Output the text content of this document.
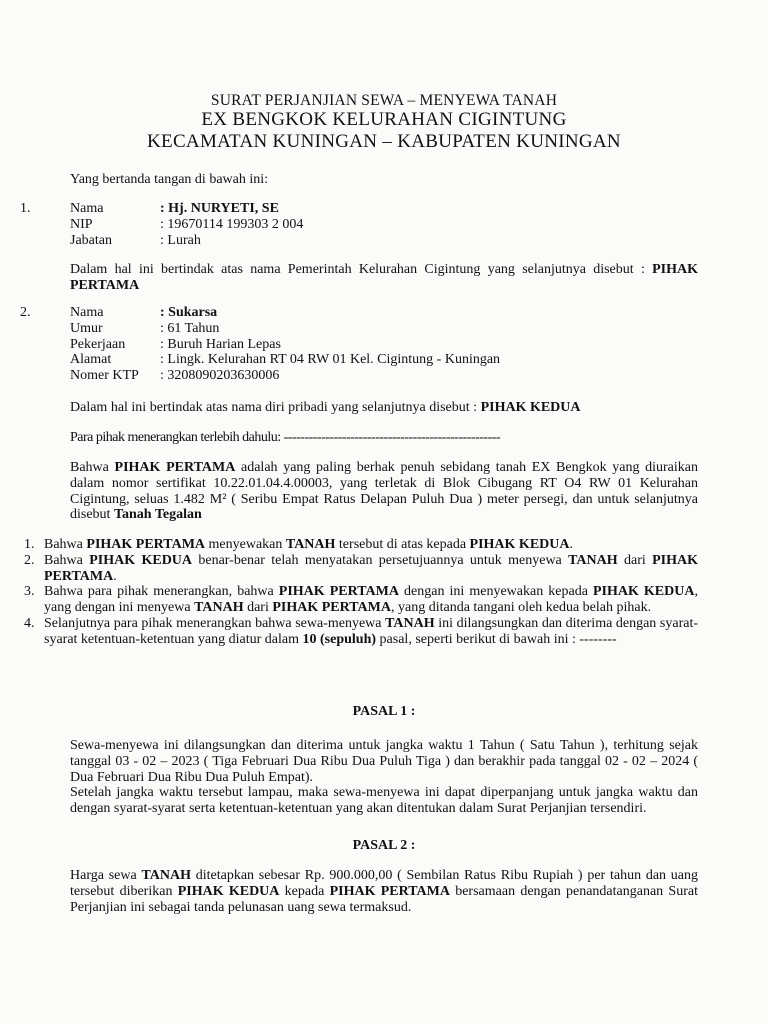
SURAT PERJANJIAN SEWA – MENYEWA TANAH
EX BENGKOK KELURAHAN CIGINTUNG
KECAMATAN KUNINGAN – KABUPATEN KUNINGAN
Yang bertanda tangan di bawah ini:
1.	Nama	: Hj. NURYETI, SE
NIP	: 19670114 199303 2 004
Jabatan	: Lurah
Dalam hal ini bertindak atas nama Pemerintah Kelurahan Cigintung yang selanjutnya disebut : PIHAK PERTAMA
2.	Nama	: Sukarsa
Umur	: 61 Tahun
Pekerjaan	: Buruh Harian Lepas
Alamat	: Lingk. Kelurahan RT 04 RW 01 Kel. Cigintung - Kuningan
Nomer KTP	: 3208090203630006
Dalam hal ini bertindak atas nama diri pribadi yang selanjutnya disebut : PIHAK KEDUA
Para pihak menerangkan terlebih dahulu: ----------------------------------------------------
Bahwa PIHAK PERTAMA adalah yang paling berhak penuh sebidang tanah EX Bengkok yang diuraikan dalam nomor sertifikat 10.22.01.04.4.00003, yang terletak di Blok Cibugang RT O4 RW 01 Kelurahan Cigintung, seluas 1.482 M² ( Seribu Empat Ratus Delapan Puluh Dua ) meter persegi, dan untuk selanjutnya disebut Tanah Tegalan
1. Bahwa PIHAK PERTAMA menyewakan TANAH tersebut di atas kepada PIHAK KEDUA.
2. Bahwa PIHAK KEDUA benar-benar telah menyatakan persetujuannya untuk menyewa TANAH dari PIHAK PERTAMA.
3. Bahwa para pihak menerangkan, bahwa PIHAK PERTAMA dengan ini menyewakan kepada PIHAK KEDUA, yang dengan ini menyewa TANAH dari PIHAK PERTAMA, yang ditanda tangani oleh kedua belah pihak.
4. Selanjutnya para pihak menerangkan bahwa sewa-menyewa TANAH ini dilangsungkan dan diterima dengan syarat-syarat ketentuan-ketentuan yang diatur dalam 10 (sepuluh) pasal, seperti berikut di bawah ini : --------
PASAL 1 :
Sewa-menyewa ini dilangsungkan dan diterima untuk jangka waktu 1 Tahun ( Satu Tahun ), terhitung sejak tanggal 03 - 02 – 2023 ( Tiga Februari Dua Ribu Dua Puluh Tiga ) dan berakhir pada tanggal 02 - 02 – 2024 ( Dua Februari Dua Ribu Dua Puluh Empat).
Setelah jangka waktu tersebut lampau, maka sewa-menyewa ini dapat diperpanjang untuk jangka waktu dan dengan syarat-syarat serta ketentuan-ketentuan yang akan ditentukan dalam Surat Perjanjian tersendiri.
PASAL 2 :
Harga sewa TANAH ditetapkan sebesar Rp. 900.000,00 ( Sembilan Ratus Ribu Rupiah ) per tahun dan uang tersebut diberikan PIHAK KEDUA kepada PIHAK PERTAMA bersamaan dengan penandatanganan Surat Perjanjian ini sebagai tanda pelunasan uang sewa termaksud.
